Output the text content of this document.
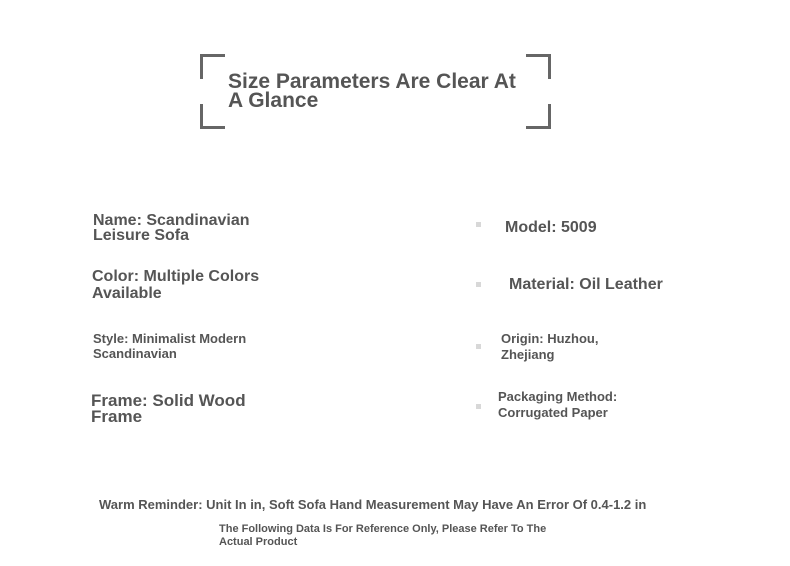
Size Parameters Are Clear At A Glance

Name: Scandinavian Leisure Sofa

Color: Multiple Colors Available

Style: Minimalist Modern Scandinavian

Frame: Solid Wood Frame

Model: 5009

Material: Oil Leather

Origin: Huzhou, Zhejiang

Packaging Method: Corrugated Paper

Warm Reminder: Unit In in, Soft Sofa Hand Measurement May Have An Error Of 0.4-1.2 in

The Following Data Is For Reference Only, Please Refer To The Actual Product
